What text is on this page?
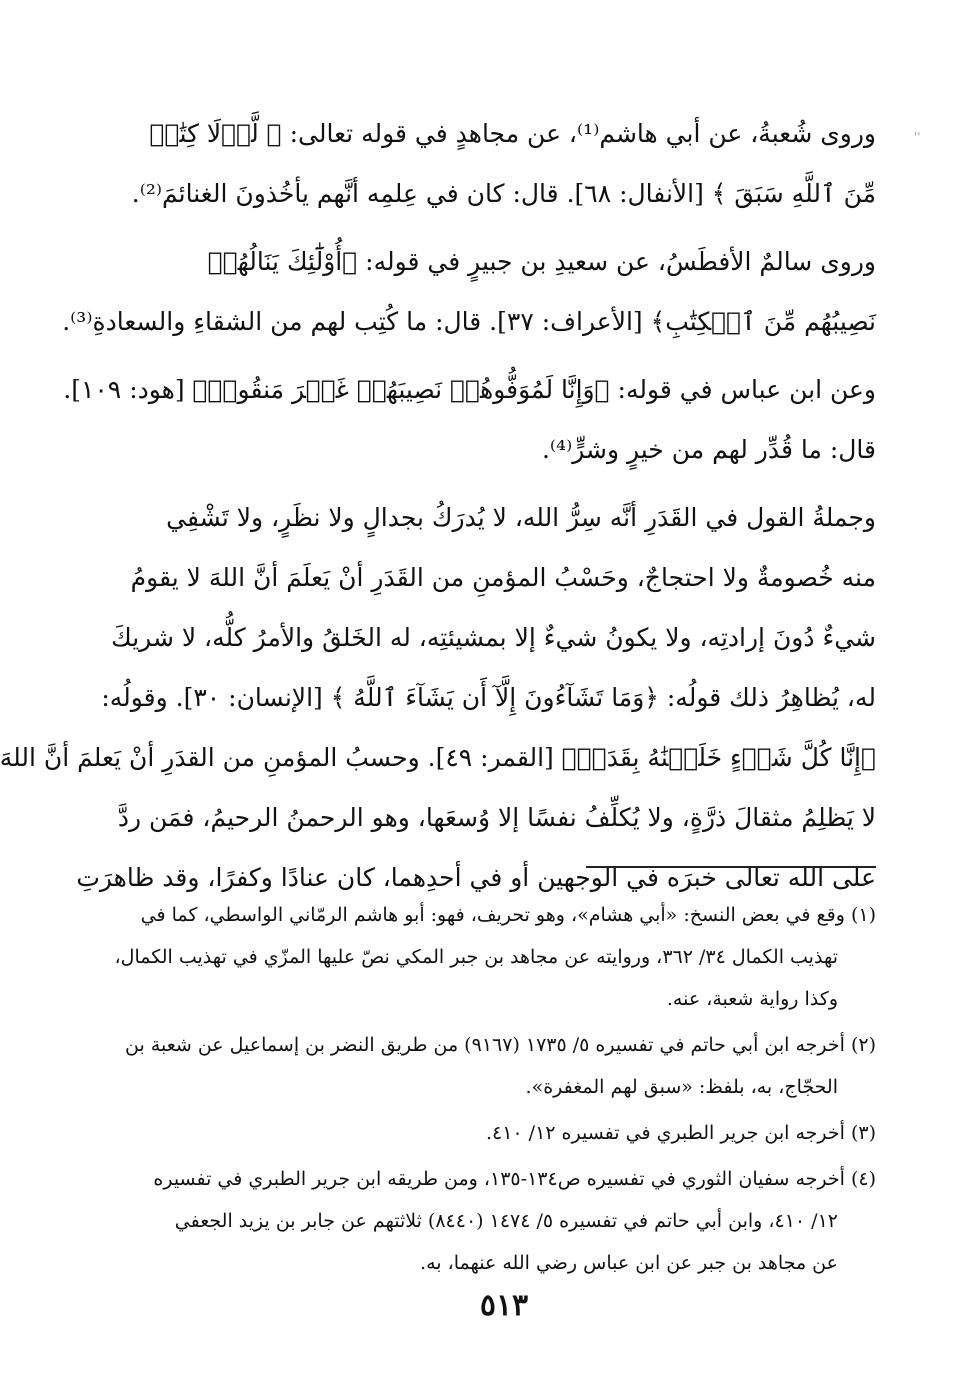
''

وروى شُعبةُ، عن أبي هاشم⁽¹⁾، عن مجاهدٍ في قوله تعالى: ﴿ لَّوۡلَا كِتَٰبٞ
مِّنَ ٱللَّهِ سَبَقَ ﴾ [الأنفال: ٦٨]. قال: كان في عِلمِه أنَّهم يأخُذونَ الغنائمَ⁽²⁾.

وروى سالمٌ الأفطَسُ، عن سعيدِ بن جبيرٍ في قوله: ﴿أُوْلَٰٓئِكَ يَنَالُهُمۡ
نَصِيبُهُم مِّنَ ٱلۡكِتَٰبِ﴾ [الأعراف: ٣٧]. قال: ما كُتِب لهم من الشقاءِ والسعادةِ⁽³⁾.

وعن ابن عباس في قوله: ﴿وَإِنَّا لَمُوَفُّوهُمۡ نَصِيبَهُمۡ غَيۡرَ مَنقُوصٖ﴾ [هود: ١٠٩].
قال: ما قُدِّر لهم من خيرٍ وشرٍّ⁽⁴⁾.

وجملةُ القول في القَدَرِ أنَّه سِرُّ الله، لا يُدرَكُ بجدالٍ ولا نظَرٍ، ولا تَشْفِي
منه خُصومةٌ ولا احتجاجٌ، وحَسْبُ المؤمنِ من القَدَرِ أنْ يَعلَمَ أنَّ اللهَ لا يقومُ
شيءٌ دُونَ إرادتِه، ولا يكونُ شيءٌ إلا بمشيئتِه، له الخَلقُ والأمرُ كلُّه، لا شريكَ
له، يُظاهِرُ ذلك قولُه: ﴿وَمَا تَشَآءُونَ إِلَّآ أَن يَشَآءَ ٱللَّهُ ﴾ [الإنسان: ٣٠]. وقولُه:
﴿إِنَّا كُلَّ شَيۡءٍ خَلَقۡنَٰهُ بِقَدَرٖ﴾ [القمر: ٤٩]. وحسبُ المؤمنِ من القدَرِ أنْ يَعلمَ أنَّ اللهَ
لا يَظلِمُ مثقالَ ذرَّةٍ، ولا يُكلِّفُ نفسًا إلا وُسعَها، وهو الرحمنُ الرحيمُ، فمَن ردَّ
على الله تعالى خبرَه في الوجهين أو في أحدِهما، كان عنادًا وكفرًا، وقد ظاهرَتِ

(١) وقع في بعض النسخ: «أبي هشام»، وهو تحريف، فهو: أبو هاشم الرمّاني الواسطي، كما في
تهذيب الكمال ٣٤/ ٣٦٢، وروايته عن مجاهد بن جبر المكي نصّ عليها المزّي في تهذيب الكمال،
وكذا رواية شعبة، عنه.
(٢) أخرجه ابن أبي حاتم في تفسيره ٥/ ١٧٣٥ (٩١٦٧) من طريق النضر بن إسماعيل عن شعبة بن
الحجّاج، به، بلفظ: «سبق لهم المغفرة».
(٣) أخرجه ابن جرير الطبري في تفسيره ١٢/ ٤١٠.
(٤) أخرجه سفيان الثوري في تفسيره ص١٣٤-١٣٥، ومن طريقه ابن جرير الطبري في تفسيره
١٢/ ٤١٠، وابن أبي حاتم في تفسيره ٥/ ١٤٧٤ (٨٤٤٠) ثلاثتهم عن جابر بن يزيد الجعفي
عن مجاهد بن جبر عن ابن عباس رضي الله عنهما، به.
٥١٣
